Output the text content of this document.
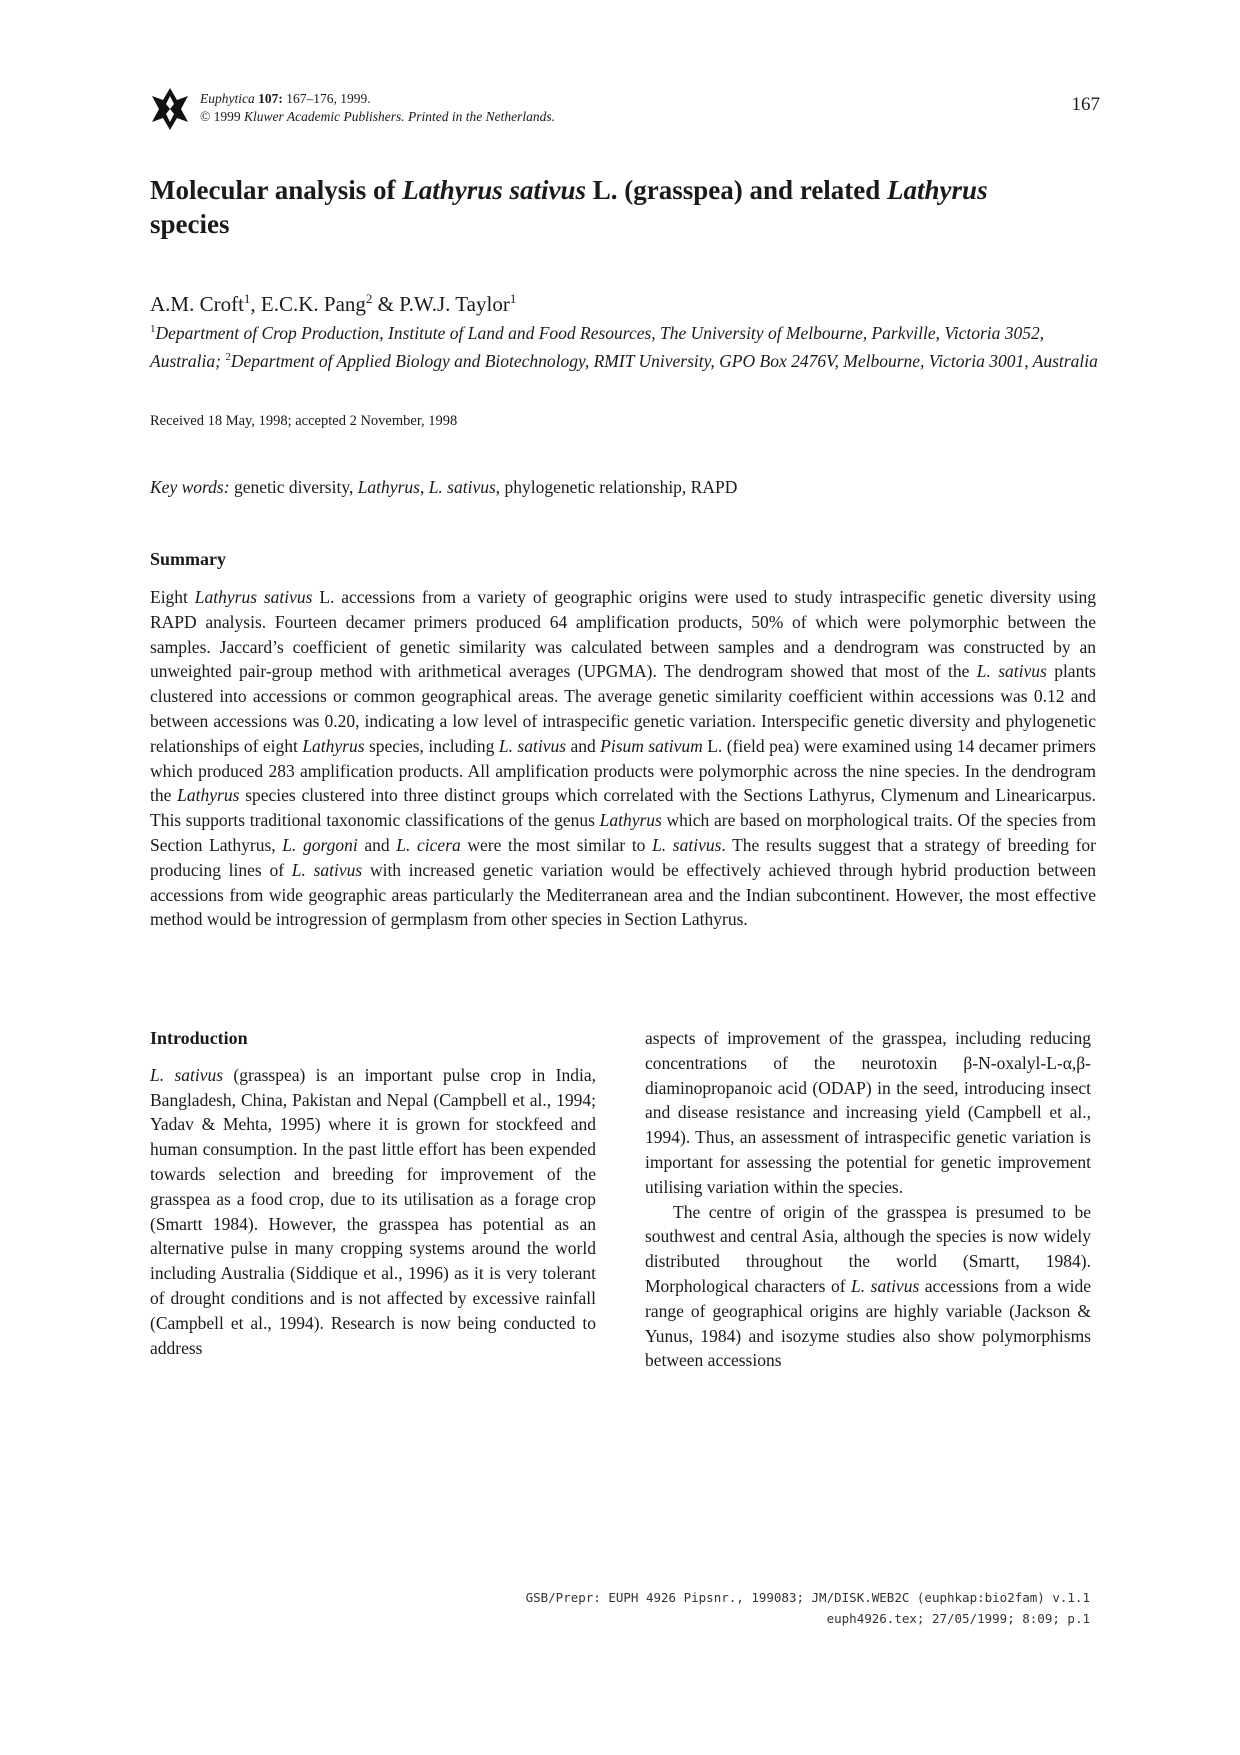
Euphytica 107: 167–176, 1999.
© 1999 Kluwer Academic Publishers. Printed in the Netherlands.
167
Molecular analysis of Lathyrus sativus L. (grasspea) and related Lathyrus
species
A.M. Croft$^1$, E.C.K. Pang$^2$ & P.W.J. Taylor$^1$
$^1$Department of Crop Production, Institute of Land and Food Resources, The University of Melbourne, Parkville, Victoria 3052, Australia; $^2$Department of Applied Biology and Biotechnology, RMIT University, GPO Box 2476V, Melbourne, Victoria 3001, Australia
Received 18 May, 1998; accepted 2 November, 1998
Key words: genetic diversity, Lathyrus, L. sativus, phylogenetic relationship, RAPD
Summary

Eight Lathyrus sativus L. accessions from a variety of geographic origins were used to study intraspecific genetic diversity using RAPD analysis. Fourteen decamer primers produced 64 amplification products, 50% of which were polymorphic between the samples. Jaccard’s coefficient of genetic similarity was calculated between samples and a dendrogram was constructed by an unweighted pair-group method with arithmetical averages (UPGMA). The dendrogram showed that most of the L. sativus plants clustered into accessions or common geographical areas. The average genetic similarity coefficient within accessions was 0.12 and between accessions was 0.20, indicating a low level of intraspecific genetic variation. Interspecific genetic diversity and phylogenetic relationships of eight Lathyrus species, including L. sativus and Pisum sativum L. (field pea) were examined using 14 decamer primers which produced 283 amplification products. All amplification products were polymorphic across the nine species. In the dendrogram the Lathyrus species clustered into three distinct groups which correlated with the Sections Lathyrus, Clymenum and Linearicarpus. This supports traditional taxonomic classifications of the genus Lathyrus which are based on morphological traits. Of the species from Section Lathyrus, L. gorgoni and L. cicera were the most similar to L. sativus. The results suggest that a strategy of breeding for producing lines of L. sativus with increased genetic variation would be effectively achieved through hybrid production between accessions from wide geographic areas particularly the Mediterranean area and the Indian subcontinent. However, the most effective method would be introgression of germplasm from other species in Section Lathyrus.

Introduction

L. sativus (grasspea) is an important pulse crop in India, Bangladesh, China, Pakistan and Nepal (Campbell et al., 1994; Yadav & Mehta, 1995) where it is grown for stockfeed and human consumption. In the past little effort has been expended towards selection and breeding for improvement of the grasspea as a food crop, due to its utilisation as a forage crop (Smartt 1984). However, the grasspea has potential as an alternative pulse in many cropping systems around the world including Australia (Siddique et al., 1996) as it is very tolerant of drought conditions and is not affected by excessive rainfall (Campbell et al., 1994). Research is now being conducted to address

aspects of improvement of the grasspea, including reducing concentrations of the neurotoxin β-N-oxalyl-L-α,β-diaminopropanoic acid (ODAP) in the seed, introducing insect and disease resistance and increasing yield (Campbell et al., 1994). Thus, an assessment of intraspecific genetic variation is important for assessing the potential for genetic improvement utilising variation within the species.

The centre of origin of the grasspea is presumed to be southwest and central Asia, although the species is now widely distributed throughout the world (Smartt, 1984). Morphological characters of L. sativus accessions from a wide range of geographical origins are highly variable (Jackson & Yunus, 1984) and isozyme studies also show polymorphisms between accessions

GSB/Prepr: EUPH 4926 Pipsnr., 199083; JM/DISK.WEB2C (euphkap:bio2fam) v.1.1
euph4926.tex; 27/05/1999; 8:09; p.1
